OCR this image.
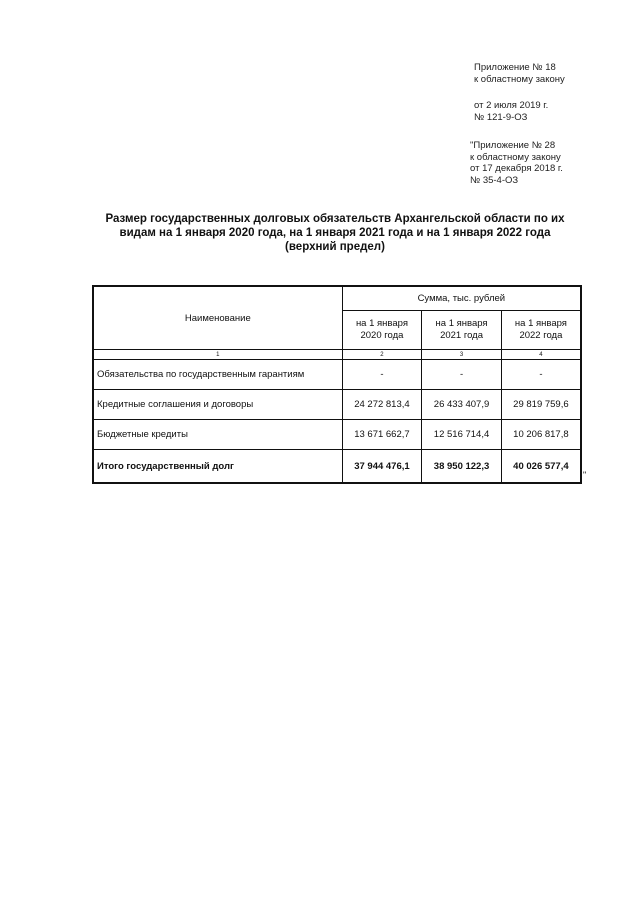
Приложение № 18
к областному закону
от 2 июля 2019 г.
№ 121-9-ОЗ
"Приложение № 28
к областному закону
от 17 декабря 2018 г.
№ 35-4-ОЗ
Размер государственных долговых обязательств Архангельской области по их
видам на 1 января 2020 года, на 1 января 2021 года и на 1 января 2022 года
(верхний предел)
Наименование	Сумма, тыс. рублей		
	на 1 января 2020 года	на 1 января 2021 года	на 1 января 2022 года
1	2	3	4
Обязательства по государственным гарантиям	-	-	-
Кредитные соглашения и договоры	24 272 813,4	26 433 407,9	29 819 759,6
Бюджетные кредиты	13 671 662,7	12 516 714,4	10 206 817,8
Итого государственный долг	37 944 476,1	38 950 122,3	40 026 577,4
"
